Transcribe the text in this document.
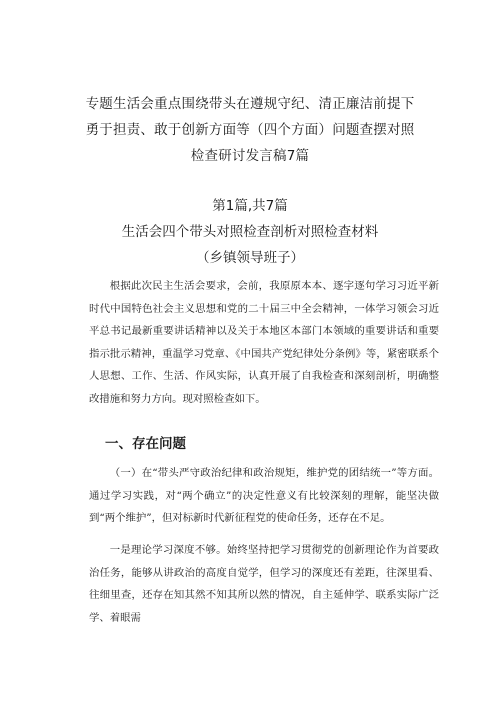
专题生活会重点围绕带头在遵规守纪、清正廉洁前提下
勇于担责、敢于创新方面等（四个方面）问题查摆对照
检查研讨发言稿7篇
第1篇,共7篇
生活会四个带头对照检查剖析对照检查材料
（乡镇领导班子）

根据此次民主生活会要求，会前，我原原本本、逐字逐句学习习近平新时代中国特色社会主义思想和党的二十届三中全会精神，一体学习领会习近平总书记最新重要讲话精神以及关于本地区本部门本领域的重要讲话和重要指示批示精神，重温学习党章、《中国共产党纪律处分条例》等，紧密联系个人思想、工作、生活、作风实际，认真开展了自我检查和深刻剖析，明确整改措施和努力方向。现对照检查如下。

一、存在问题

（一）在“带头严守政治纪律和政治规矩，维护党的团结统一”等方面。通过学习实践，对“两个确立”的决定性意义有比较深刻的理解，能坚决做到“两个维护”，但对标新时代新征程党的使命任务，还存在不足。

一是理论学习深度不够。始终坚持把学习贯彻党的创新理论作为首要政治任务，能够从讲政治的高度自觉学，但学习的深度还有差距，往深里看、往细里查，还存在知其然不知其所以然的情况，自主延伸学、联系实际广泛学、着眼需
